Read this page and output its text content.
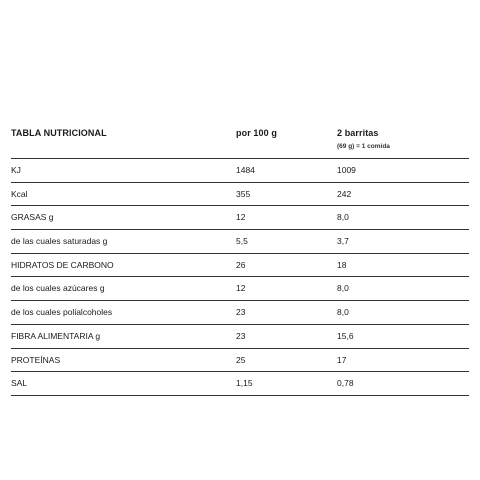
TABLA NUTRICIONAL	por 100 g	2 barritas
(69 g) = 1 comida
KJ	1484	1009
Kcal	355	242
GRASAS g	12	8,0
de las cuales saturadas g	5,5	3,7
HIDRATOS DE CARBONO	26	18
de los cuales azúcares g	12	8,0
de los cuales polialcoholes	23	8,0
FIBRA ALIMENTARIA g	23	15,6
PROTEÍNAS	25	17
SAL	1,15	0,78
